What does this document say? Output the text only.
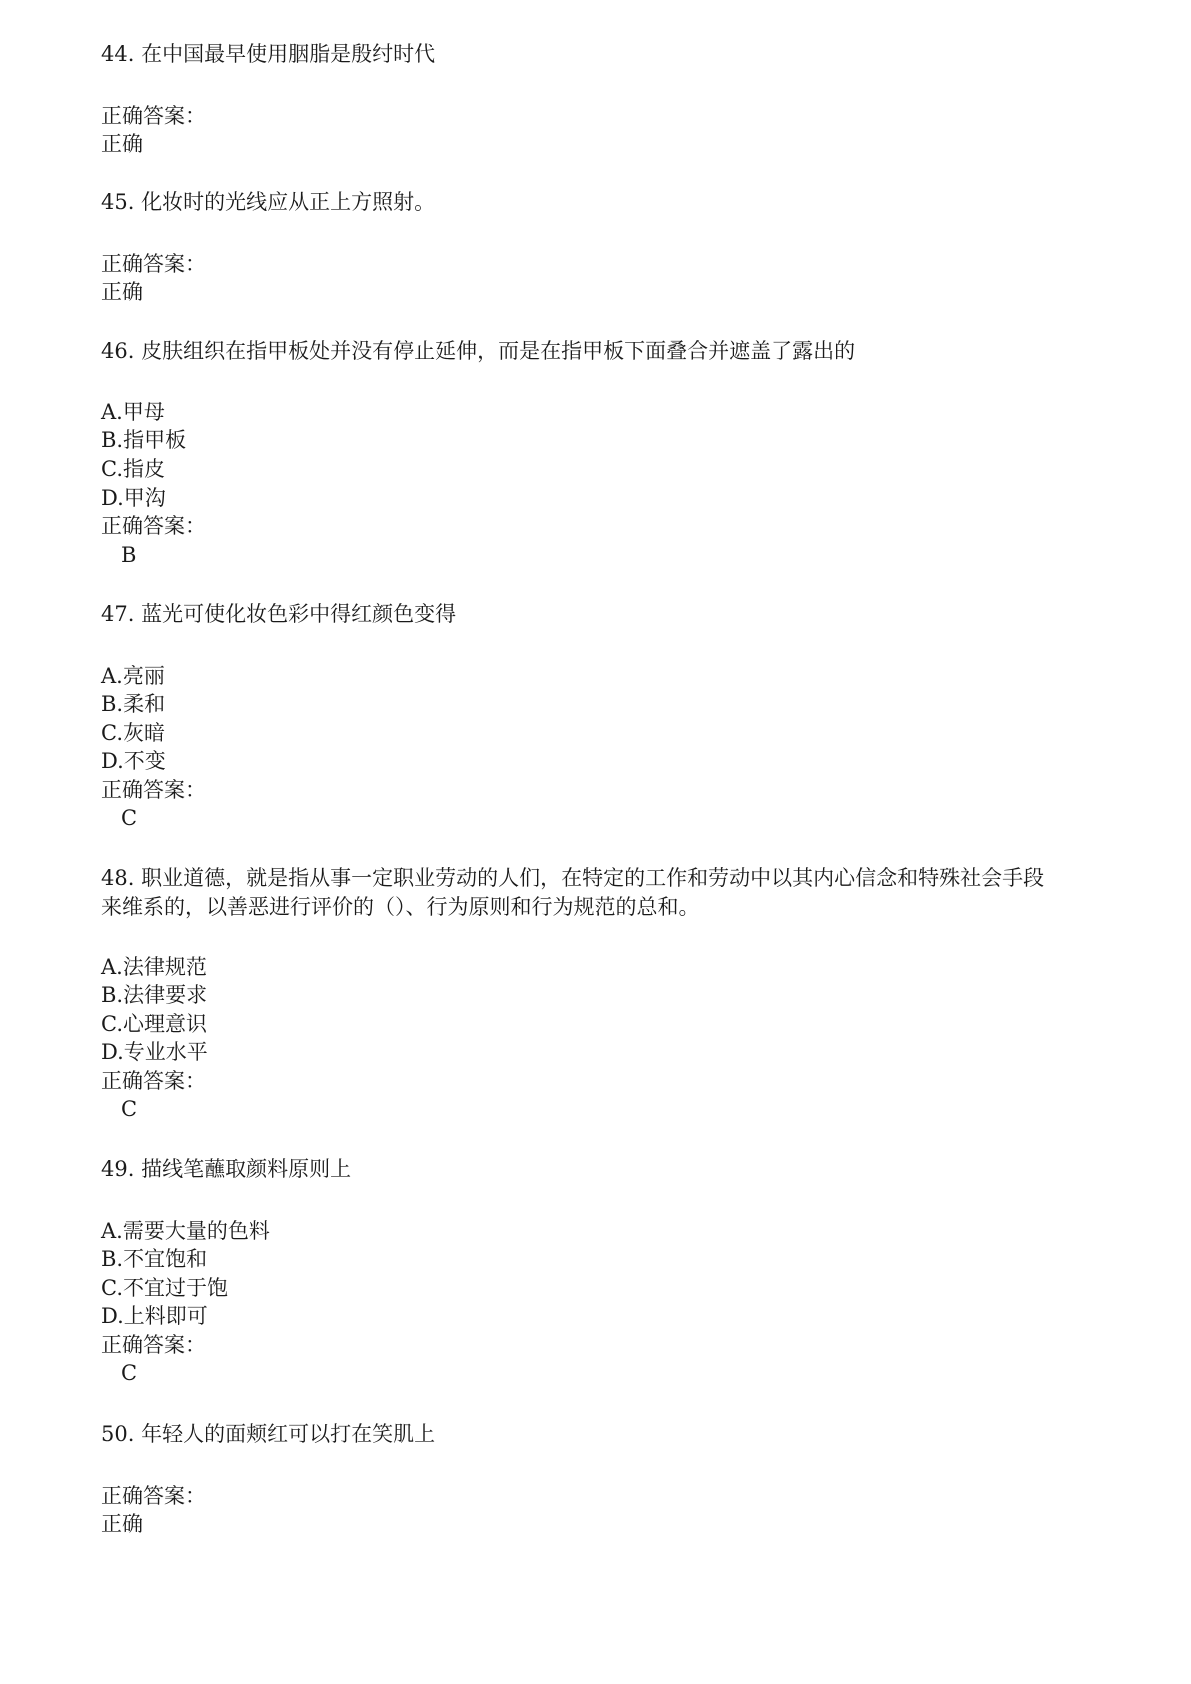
44. 在中国最早使用胭脂是殷纣时代
正确答案：
正确
45. 化妆时的光线应从正上方照射。
正确答案：
正确
46. 皮肤组织在指甲板处并没有停止延伸，而是在指甲板下面叠合并遮盖了露出的
A.甲母
B.指甲板
C.指皮
D.甲沟
正确答案：
B
47. 蓝光可使化妆色彩中得红颜色变得
A.亮丽
B.柔和
C.灰暗
D.不变
正确答案：
C
48. 职业道德，就是指从事一定职业劳动的人们，在特定的工作和劳动中以其内心信念和特殊社会手段
来维系的，以善恶进行评价的（）、行为原则和行为规范的总和。
A.法律规范
B.法律要求
C.心理意识
D.专业水平
正确答案：
C
49. 描线笔蘸取颜料原则上
A.需要大量的色料
B.不宜饱和
C.不宜过于饱
D.上料即可
正确答案：
C
50. 年轻人的面颊红可以打在笑肌上
正确答案：
正确
